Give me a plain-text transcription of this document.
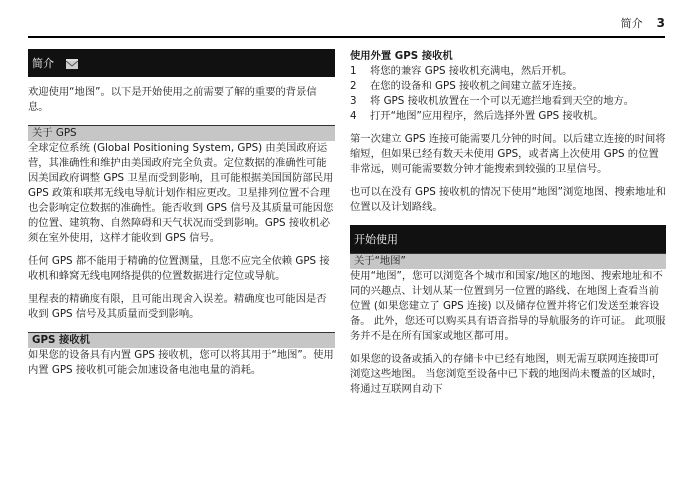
简介 3
简介

欢迎使用“地图”。以下是开始使用之前需要了解的重要的背景信息。

关于 GPS

全球定位系统 (Global Positioning System, GPS) 由美国政府运营，其准确性和维护由美国政府完全负责。定位数据的准确性可能因美国政府调整 GPS 卫星而受到影响，且可能根据美国国防部民用 GPS 政策和联邦无线电导航计划作相应更改。卫星排列位置不合理也会影响定位数据的准确性。能否收到 GPS 信号及其质量可能因您的位置、建筑物、自然障碍和天气状况而受到影响。GPS 接收机必须在室外使用，这样才能收到 GPS 信号。

任何 GPS 都不能用于精确的位置测量，且您不应完全依赖 GPS 接收机和蜂窝无线电网络提供的位置数据进行定位或导航。

里程表的精确度有限，且可能出现舍入误差。精确度也可能因是否收到 GPS 信号及其质量而受到影响。

GPS 接收机

如果您的设备具有内置 GPS 接收机，您可以将其用于“地图”。使用内置 GPS 接收机可能会加速设备电池电量的消耗。

使用外置 GPS 接收机
1	将您的兼容 GPS 接收机充满电，然后开机。
2	在您的设备和 GPS 接收机之间建立蓝牙连接。
3	将 GPS 接收机放置在一个可以无遮拦地看到天空的地方。
4	打开“地图”应用程序，然后选择外置 GPS 接收机。

第一次建立 GPS 连接可能需要几分钟的时间。以后建立连接的时间将缩短，但如果已经有数天未使用 GPS，或者离上次使用 GPS 的位置非常远，则可能需要数分钟才能搜索到较强的卫星信号。

也可以在没有 GPS 接收机的情况下使用“地图”浏览地图、搜索地址和位置以及计划路线。

开始使用
关于“地图”

使用“地图”，您可以浏览各个城市和国家/地区的地图、搜索地址和不同的兴趣点、计划从某一位置到另一位置的路线、在地图上查看当前位置 (如果您建立了 GPS 连接) 以及储存位置并将它们发送至兼容设备。 此外，您还可以购买具有语音指导的导航服务的许可证。 此项服务并不是在所有国家或地区都可用。

如果您的设备或插入的存储卡中已经有地图，则无需互联网连接即可浏览这些地图。 当您浏览至设备中已下载的地图尚未覆盖的区域时，将通过互联网自动下
